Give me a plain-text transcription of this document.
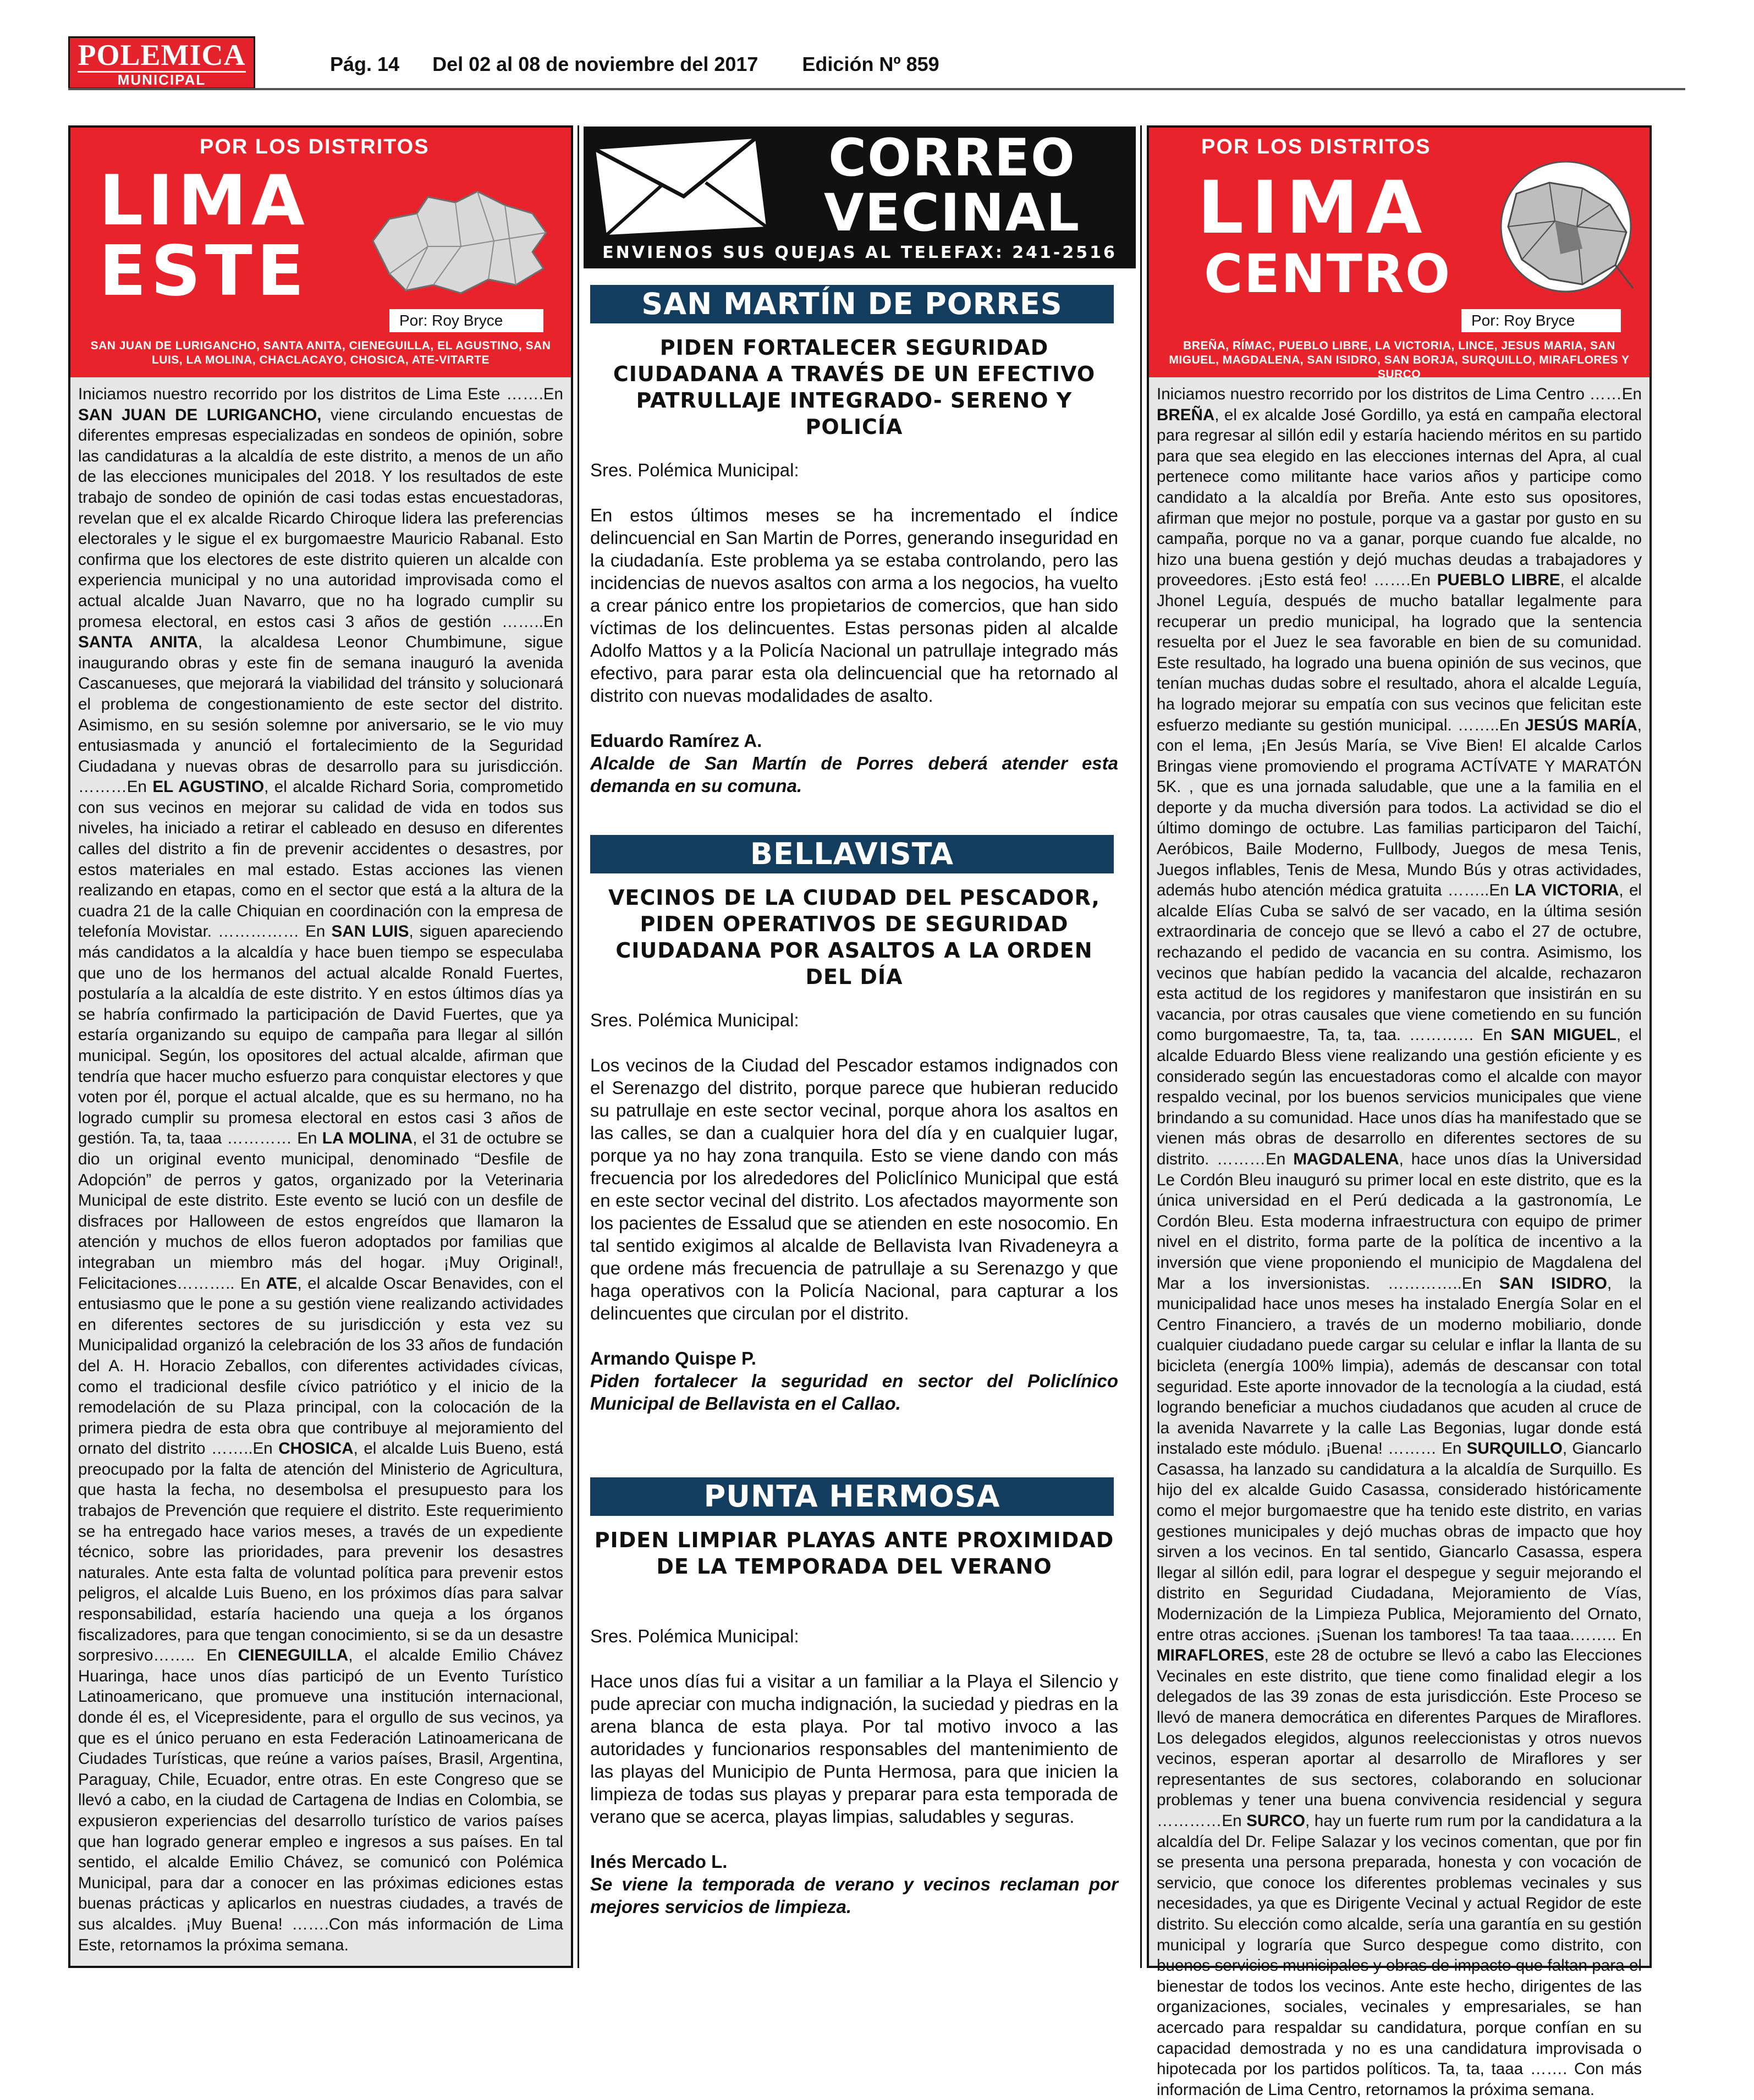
POLEMICA
MUNICIPAL
Pág. 14 Del 02 al 08 de noviembre del 2017 Edición Nº 859
POR LOS DISTRITOS
LIMA
ESTE
Por: Roy Bryce
SAN JUAN DE LURIGANCHO, SANTA ANITA, CIENEGUILLA, EL AGUSTINO, SAN LUIS, LA MOLINA, CHACLACAYO, CHOSICA, ATE-VITARTE
Iniciamos nuestro recorrido por los distritos de Lima Este …….En SAN JUAN DE LURIGANCHO, viene circulando encuestas de diferentes empresas especializadas en sondeos de opinión, sobre las candidaturas a la alcaldía de este distrito, a menos de un año de las elecciones municipales del 2018. Y los resultados de este trabajo de sondeo de opinión de casi todas estas encuestadoras, revelan que el ex alcalde Ricardo Chiroque lidera las preferencias electorales y le sigue el ex burgomaestre Mauricio Rabanal. Esto confirma que los electores de este distrito quieren un alcalde con experiencia municipal y no una autoridad improvisada como el actual alcalde Juan Navarro, que no ha logrado cumplir su promesa electoral, en estos casi 3 años de gestión ……..En SANTA ANITA, la alcaldesa Leonor Chumbimune, sigue inaugurando obras y este fin de semana inauguró la avenida Cascanueses, que mejorará la viabilidad del tránsito y solucionará el problema de congestionamiento de este sector del distrito. Asimismo, en su sesión solemne por aniversario, se le vio muy entusiasmada y anunció el fortalecimiento de la Seguridad Ciudadana y nuevas obras de desarrollo para su jurisdicción. ………En EL AGUSTINO, el alcalde Richard Soria, comprometido con sus vecinos en mejorar su calidad de vida en todos sus niveles, ha iniciado a retirar el cableado en desuso en diferentes calles del distrito a fin de prevenir accidentes o desastres, por estos materiales en mal estado. Estas acciones las vienen realizando en etapas, como en el sector que está a la altura de la cuadra 21 de la calle Chiquian en coordinación con la empresa de telefonía Movistar. …………… En SAN LUIS, siguen apareciendo más candidatos a la alcaldía y hace buen tiempo se especulaba que uno de los hermanos del actual alcalde Ronald Fuertes, postularía a la alcaldía de este distrito. Y en estos últimos días ya se habría confirmado la participación de David Fuertes, que ya estaría organizando su equipo de campaña para llegar al sillón municipal. Según, los opositores del actual alcalde, afirman que tendría que hacer mucho esfuerzo para conquistar electores y que voten por él, porque el actual alcalde, que es su hermano, no ha logrado cumplir su promesa electoral en estos casi 3 años de gestión. Ta, ta, taaa ………… En LA MOLINA, el 31 de octubre se dio un original evento municipal, denominado “Desfile de Adopción” de perros y gatos, organizado por la Veterinaria Municipal de este distrito. Este evento se lució con un desfile de disfraces por Halloween de estos engreídos que llamaron la atención y muchos de ellos fueron adoptados por familias que integraban un miembro más del hogar. ¡Muy Original!, Felicitaciones……….. En ATE, el alcalde Oscar Benavides, con el entusiasmo que le pone a su gestión viene realizando actividades en diferentes sectores de su jurisdicción y esta vez su Municipalidad organizó la celebración de los 33 años de fundación del A. H. Horacio Zeballos, con diferentes actividades cívicas, como el tradicional desfile cívico patriótico y el inicio de la remodelación de su Plaza principal, con la colocación de la primera piedra de esta obra que contribuye al mejoramiento del ornato del distrito ……..En CHOSICA, el alcalde Luis Bueno, está preocupado por la falta de atención del Ministerio de Agricultura, que hasta la fecha, no desembolsa el presupuesto para los trabajos de Prevención que requiere el distrito. Este requerimiento se ha entregado hace varios meses, a través de un expediente técnico, sobre las prioridades, para prevenir los desastres naturales. Ante esta falta de voluntad política para prevenir estos peligros, el alcalde Luis Bueno, en los próximos días para salvar responsabilidad, estaría haciendo una queja a los órganos fiscalizadores, para que tengan conocimiento, si se da un desastre sorpresivo…….. En CIENEGUILLA, el alcalde Emilio Chávez Huaringa, hace unos días participó de un Evento Turístico Latinoamericano, que promueve una institución internacional, donde él es, el Vicepresidente, para el orgullo de sus vecinos, ya que es el único peruano en esta Federación Latinoamericana de Ciudades Turísticas, que reúne a varios países, Brasil, Argentina, Paraguay, Chile, Ecuador, entre otras. En este Congreso que se llevó a cabo, en la ciudad de Cartagena de Indias en Colombia, se expusieron experiencias del desarrollo turístico de varios países que han logrado generar empleo e ingresos a sus países. En tal sentido, el alcalde Emilio Chávez, se comunicó con Polémica Municipal, para dar a conocer en las próximas ediciones estas buenas prácticas y aplicarlos en nuestras ciudades, a través de sus alcaldes. ¡Muy Buena! …….Con más información de Lima Este, retornamos la próxima semana.
CORREO
VECINAL
ENVIENOS SUS QUEJAS AL TELEFAX: 241-2516
SAN MARTÍN DE PORRES
PIDEN FORTALECER SEGURIDAD CIUDADANA A TRAVÉS DE UN EFECTIVO PATRULLAJE INTEGRADO- SERENO Y POLICÍA

Sres. Polémica Municipal:

En estos últimos meses se ha incrementado el índice delincuencial en San Martin de Porres, generando inseguridad en la ciudadanía. Este problema ya se estaba controlando, pero las incidencias de nuevos asaltos con arma a los negocios, ha vuelto a crear pánico entre los propietarios de comercios, que han sido víctimas de los delincuentes. Estas personas piden al alcalde Adolfo Mattos y a la Policía Nacional un patrullaje integrado más efectivo, para parar esta ola delincuencial que ha retornado al distrito con nuevas modalidades de asalto.

Eduardo Ramírez A.
Alcalde de San Martín de Porres deberá atender esta demanda en su comuna.
BELLAVISTA
VECINOS DE LA CIUDAD DEL PESCADOR, PIDEN OPERATIVOS DE SEGURIDAD CIUDADANA POR ASALTOS A LA ORDEN DEL DÍA

Sres. Polémica Municipal:

Los vecinos de la Ciudad del Pescador estamos indignados con el Serenazgo del distrito, porque parece que hubieran reducido su patrullaje en este sector vecinal, porque ahora los asaltos en las calles, se dan a cualquier hora del día y en cualquier lugar, porque ya no hay zona tranquila. Esto se viene dando con más frecuencia por los alrededores del Policlínico Municipal que está en este sector vecinal del distrito. Los afectados mayormente son los pacientes de Essalud que se atienden en este nosocomio. En tal sentido exigimos al alcalde de Bellavista Ivan Rivadeneyra a que ordene más frecuencia de patrullaje a su Serenazgo y que haga operativos con la Policía Nacional, para capturar a los delincuentes que circulan por el distrito.

Armando Quispe P.
Piden fortalecer la seguridad en sector del Policlínico Municipal de Bellavista en el Callao.
PUNTA HERMOSA
PIDEN LIMPIAR PLAYAS ANTE PROXIMIDAD DE LA TEMPORADA DEL VERANO

Sres. Polémica Municipal:

Hace unos días fui a visitar a un familiar a la Playa el Silencio y pude apreciar con mucha indignación, la suciedad y piedras en la arena blanca de esta playa. Por tal motivo invoco a las autoridades y funcionarios responsables del mantenimiento de las playas del Municipio de Punta Hermosa, para que inicien la limpieza de todas sus playas y preparar para esta temporada de verano que se acerca, playas limpias, saludables y seguras.

Inés Mercado L.
Se viene la temporada de verano y vecinos reclaman por mejores servicios de limpieza.
POR LOS DISTRITOS
LIMA
CENTRO
Por: Roy Bryce
BREÑA, RÍMAC, PUEBLO LIBRE, LA VICTORIA, LINCE, JESUS MARIA, SAN MIGUEL, MAGDALENA, SAN ISIDRO, SAN BORJA, SURQUILLO, MIRAFLORES Y SURCO
Iniciamos nuestro recorrido por los distritos de Lima Centro ……En BREÑA, el ex alcalde José Gordillo, ya está en campaña electoral para regresar al sillón edil y estaría haciendo méritos en su partido para que sea elegido en las elecciones internas del Apra, al cual pertenece como militante hace varios años y participe como candidato a la alcaldía por Breña. Ante esto sus opositores, afirman que mejor no postule, porque va a gastar por gusto en su campaña, porque no va a ganar, porque cuando fue alcalde, no hizo una buena gestión y dejó muchas deudas a trabajadores y proveedores. ¡Esto está feo! …….En PUEBLO LIBRE, el alcalde Jhonel Leguía, después de mucho batallar legalmente para recuperar un predio municipal, ha logrado que la sentencia resuelta por el Juez le sea favorable en bien de su comunidad. Este resultado, ha logrado una buena opinión de sus vecinos, que tenían muchas dudas sobre el resultado, ahora el alcalde Leguía, ha logrado mejorar su empatía con sus vecinos que felicitan este esfuerzo mediante su gestión municipal. ……..En JESÚS MARÍA, con el lema, ¡En Jesús María, se Vive Bien! El alcalde Carlos Bringas viene promoviendo el programa ACTÍVATE Y MARATÓN 5K. , que es una jornada saludable, que une a la familia en el deporte y da mucha diversión para todos. La actividad se dio el último domingo de octubre. Las familias participaron del Taichí, Aeróbicos, Baile Moderno, Fullbody, Juegos de mesa Tenis, Juegos inflables, Tenis de Mesa, Mundo Bús y otras actividades, además hubo atención médica gratuita ……..En LA VICTORIA, el alcalde Elías Cuba se salvó de ser vacado, en la última sesión extraordinaria de concejo que se llevó a cabo el 27 de octubre, rechazando el pedido de vacancia en su contra. Asimismo, los vecinos que habían pedido la vacancia del alcalde, rechazaron esta actitud de los regidores y manifestaron que insistirán en su vacancia, por otras causales que viene cometiendo en su función como burgomaestre, Ta, ta, taa. ………… En SAN MIGUEL, el alcalde Eduardo Bless viene realizando una gestión eficiente y es considerado según las encuestadoras como el alcalde con mayor respaldo vecinal, por los buenos servicios municipales que viene brindando a su comunidad. Hace unos días ha manifestado que se vienen más obras de desarrollo en diferentes sectores de su distrito. ………En MAGDALENA, hace unos días la Universidad Le Cordón Bleu inauguró su primer local en este distrito, que es la única universidad en el Perú dedicada a la gastronomía, Le Cordón Bleu. Esta moderna infraestructura con equipo de primer nivel en el distrito, forma parte de la política de incentivo a la inversión que viene proponiendo el municipio de Magdalena del Mar a los inversionistas. …………..En SAN ISIDRO, la municipalidad hace unos meses ha instalado Energía Solar en el Centro Financiero, a través de un moderno mobiliario, donde cualquier ciudadano puede cargar su celular e inflar la llanta de su bicicleta (energía 100% limpia), además de descansar con total seguridad. Este aporte innovador de la tecnología a la ciudad, está logrando beneficiar a muchos ciudadanos que acuden al cruce de la avenida Navarrete y la calle Las Begonias, lugar donde está instalado este módulo. ¡Buena! ……… En SURQUILLO, Giancarlo Casassa, ha lanzado su candidatura a la alcaldía de Surquillo. Es hijo del ex alcalde Guido Casassa, considerado históricamente como el mejor burgomaestre que ha tenido este distrito, en varias gestiones municipales y dejó muchas obras de impacto que hoy sirven a los vecinos. En tal sentido, Giancarlo Casassa, espera llegar al sillón edil, para lograr el despegue y seguir mejorando el distrito en Seguridad Ciudadana, Mejoramiento de Vías, Modernización de la Limpieza Publica, Mejoramiento del Ornato, entre otras acciones. ¡Suenan los tambores! Ta taa taaa.…….. En MIRAFLORES, este 28 de octubre se llevó a cabo las Elecciones Vecinales en este distrito, que tiene como finalidad elegir a los delegados de las 39 zonas de esta jurisdicción. Este Proceso se llevó de manera democrática en diferentes Parques de Miraflores. Los delegados elegidos, algunos reeleccionistas y otros nuevos vecinos, esperan aportar al desarrollo de Miraflores y ser representantes de sus sectores, colaborando en solucionar problemas y tener una buena convivencia residencial y segura …………En SURCO, hay un fuerte rum rum por la candidatura a la alcaldía del Dr. Felipe Salazar y los vecinos comentan, que por fin se presenta una persona preparada, honesta y con vocación de servicio, que conoce los diferentes problemas vecinales y sus necesidades, ya que es Dirigente Vecinal y actual Regidor de este distrito. Su elección como alcalde, sería una garantía en su gestión municipal y lograría que Surco despegue como distrito, con buenos servicios municipales y obras de impacto que faltan para el bienestar de todos los vecinos. Ante este hecho, dirigentes de las organizaciones, sociales, vecinales y empresariales, se han acercado para respaldar su candidatura, porque confían en su capacidad demostrada y no es una candidatura improvisada o hipotecada por los partidos políticos. Ta, ta, taaa ……. Con más información de Lima Centro, retornamos la próxima semana.
